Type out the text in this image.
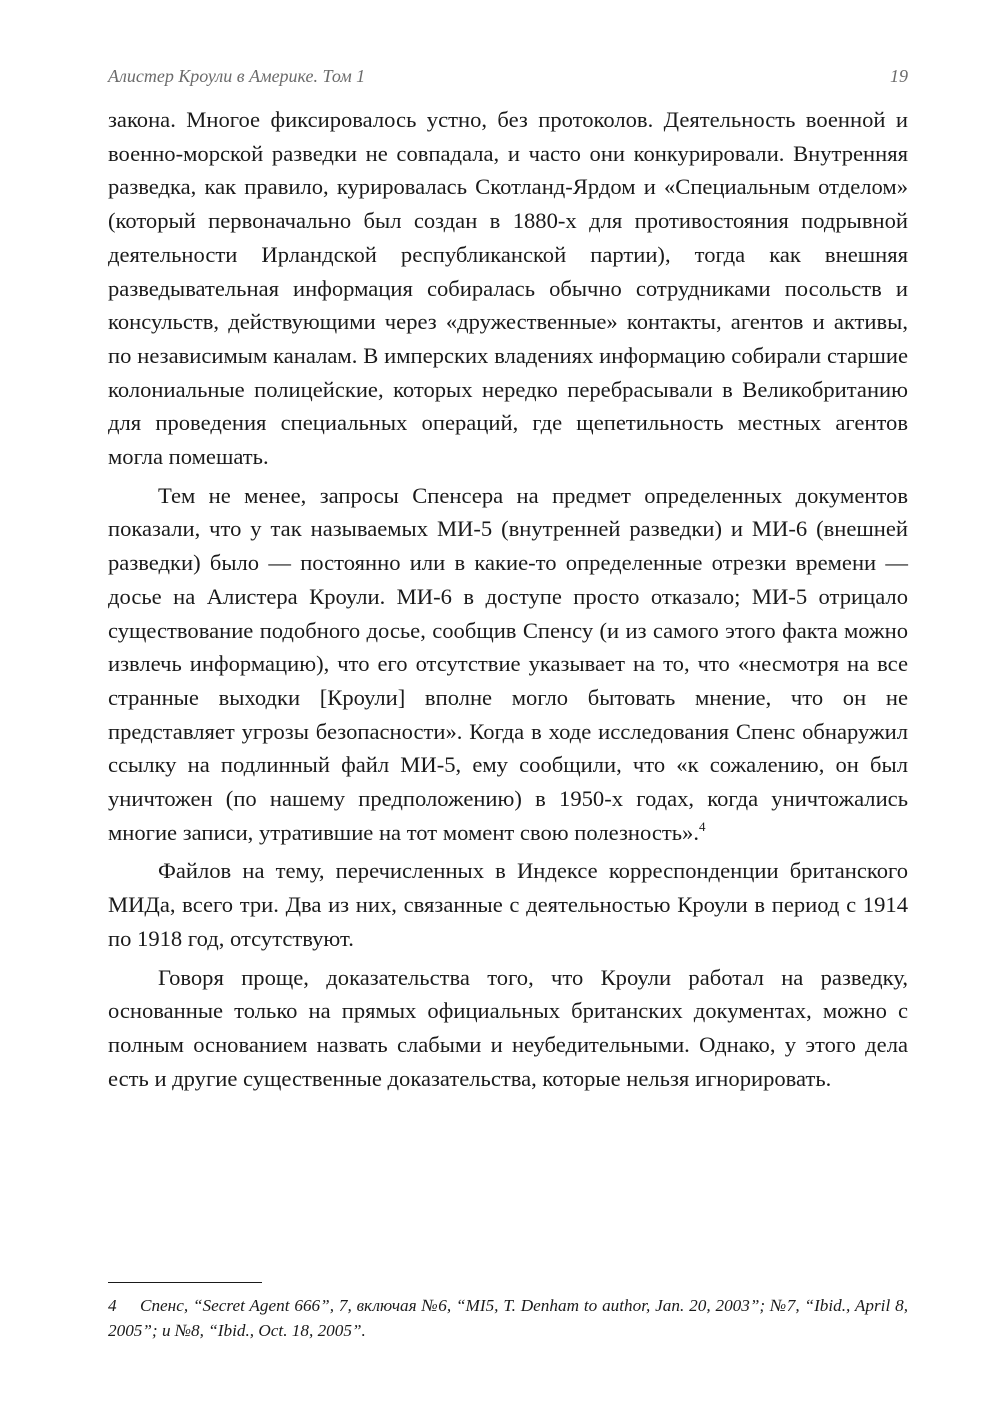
Алистер Кроули в Америке. Том 1	19

закона. Многое фиксировалось устно, без протоколов. Деятельность военной и военно-морской разведки не совпадала, и часто они конкурировали. Внутренняя разведка, как правило, курировалась Скотланд-Ярдом и «Специальным отделом» (который первоначально был создан в 1880-х для противостояния подрывной деятельности Ирландской республиканской партии), тогда как внешняя разведывательная информация собиралась обычно сотрудниками посольств и консульств, действующими через «дружественные» контакты, агентов и активы, по независимым каналам. В имперских владениях информацию собирали старшие колониальные полицейские, которых нередко перебрасывали в Великобританию для проведения специальных операций, где щепетильность местных агентов могла помешать.

Тем не менее, запросы Спенсера на предмет определенных документов показали, что у так называемых МИ-5 (внутренней разведки) и МИ-6 (внешней разведки) было — постоянно или в какие-то определенные отрезки времени — досье на Алистера Кроули. МИ-6 в доступе просто отказало; МИ-5 отрицало существование подобного досье, сообщив Спенсу (и из самого этого факта можно извлечь информацию), что его отсутствие указывает на то, что «несмотря на все странные выходки [Кроули] вполне могло бытовать мнение, что он не представляет угрозы безопасности». Когда в ходе исследования Спенс обнаружил ссылку на подлинный файл МИ-5, ему сообщили, что «к сожалению, он был уничтожен (по нашему предположению) в 1950-х годах, когда уничтожались многие записи, утратившие на тот момент свою полезность».$^4$

Файлов на тему, перечисленных в Индексе корреспонденции британского МИДа, всего три. Два из них, связанные с деятельностью Кроули в период с 1914 по 1918 год, отсутствуют.

Говоря проще, доказательства того, что Кроули работал на разведку, основанные только на прямых официальных британских документах, можно с полным основанием назвать слабыми и неубедительными. Однако, у этого дела есть и другие существенные доказательства, которые нельзя игнорировать.

4 Спенс, “Secret Agent 666”, 7, включая №6, “MI5, T. Denham to author, Jan. 20, 2003”; №7, “Ibid., April 8, 2005”; и №8, “Ibid., Oct. 18, 2005”.
